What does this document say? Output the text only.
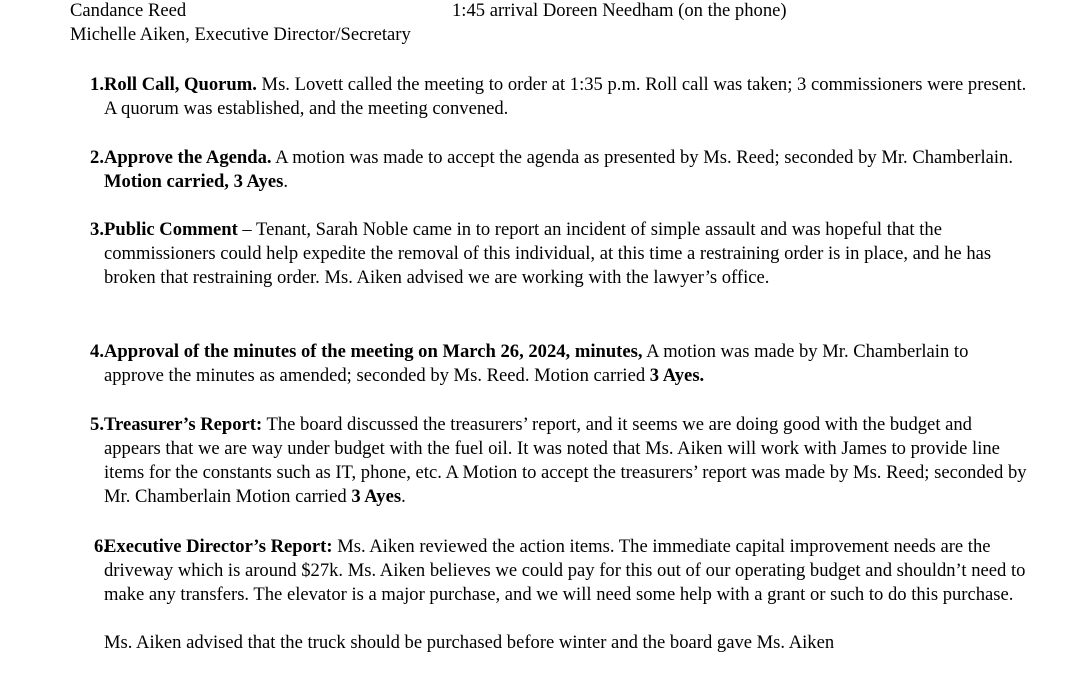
Candance Reed	1:45 arrival Doreen Needham (on the phone)
Michelle Aiken, Executive Director/Secretary
1. Roll Call, Quorum. Ms. Lovett called the meeting to order at 1:35 p.m. Roll call was taken; 3 commissioners were present. A quorum was established, and the meeting convened.

2. Approve the Agenda. A motion was made to accept the agenda as presented by Ms. Reed; seconded by Mr. Chamberlain. Motion carried, 3 Ayes.

3. Public Comment – Tenant, Sarah Noble came in to report an incident of simple assault and was hopeful that the commissioners could help expedite the removal of this individual, at this time a restraining order is in place, and he has broken that restraining order. Ms. Aiken advised we are working with the lawyer’s office.

4. Approval of the minutes of the meeting on March 26, 2024, minutes, A motion was made by Mr. Chamberlain to approve the minutes as amended; seconded by Ms. Reed. Motion carried 3 Ayes.

5. Treasurer’s Report: The board discussed the treasurers’ report, and it seems we are doing good with the budget and appears that we are way under budget with the fuel oil. It was noted that Ms. Aiken will work with James to provide line items for the constants such as IT, phone, etc. A Motion to accept the treasurers’ report was made by Ms. Reed; seconded by Mr. Chamberlain Motion carried 3 Ayes.

6.

Executive Director’s Report: Ms. Aiken reviewed the action items. The immediate capital improvement needs are the driveway which is around $27k. Ms. Aiken believes we could pay for this out of our operating budget and shouldn’t need to make any transfers. The elevator is a major purchase, and we will need some help with a grant or such to do this purchase.

Ms. Aiken advised that the truck should be purchased before winter and the board gave Ms. Aiken
